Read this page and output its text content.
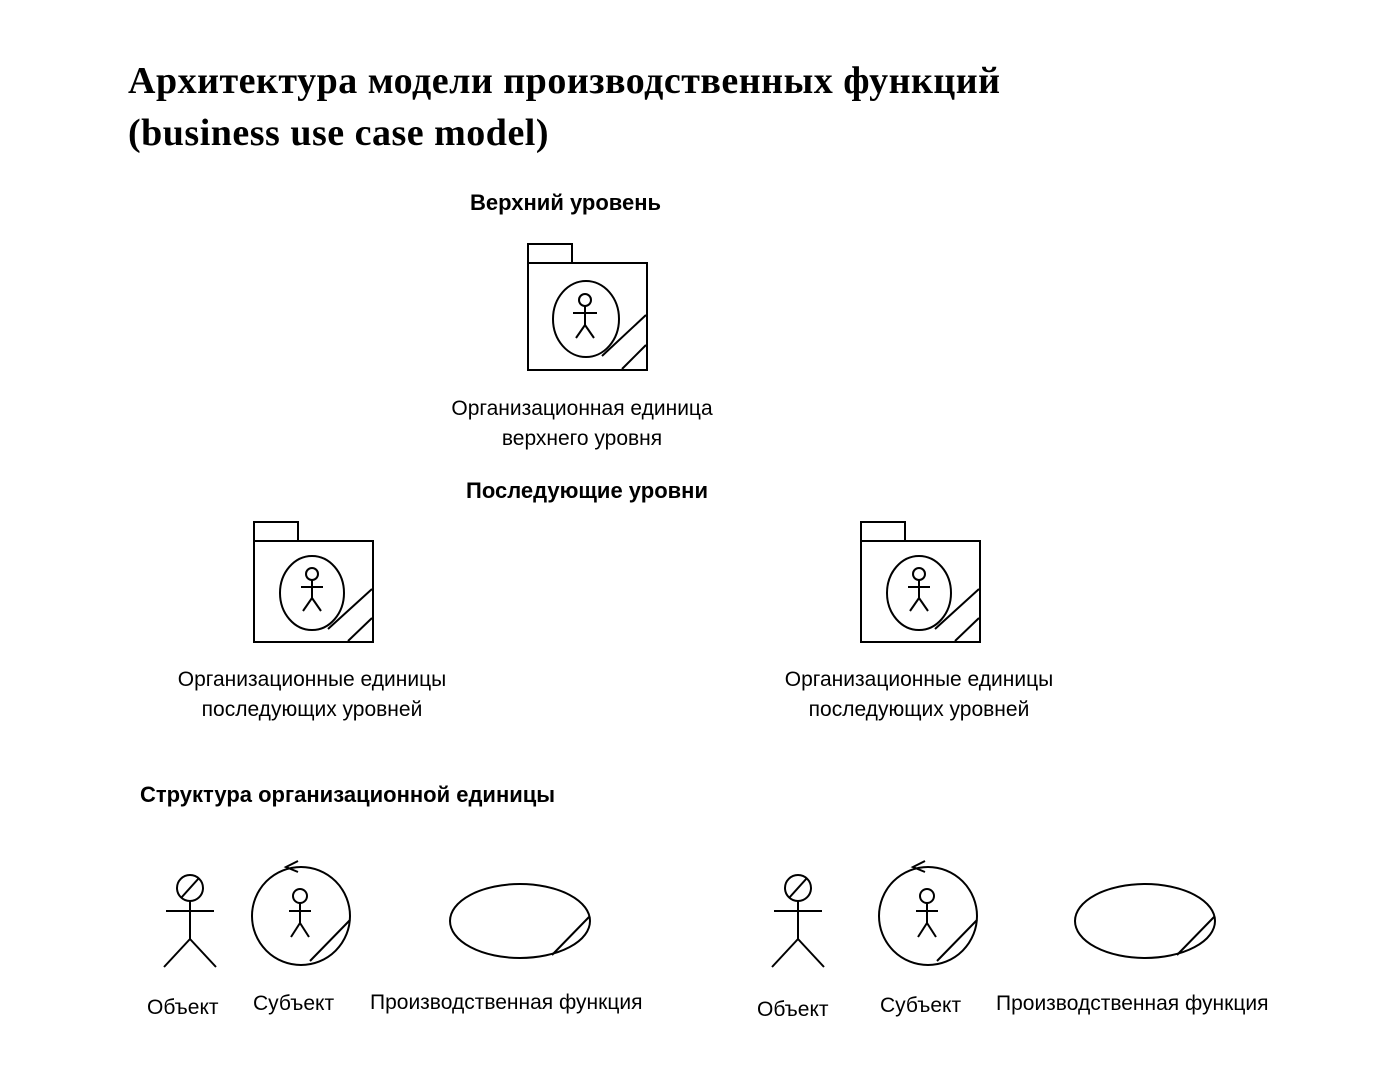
Архитектура модели производственных функций
(business use case model)
Верхний уровень
Организационная единица
верхнего уровня
Последующие уровни
Организационные единицы
последующих уровней
Организационные единицы
последующих уровней
Структура организационной единицы
Объект Субъект Производственная функция	Объект Субъект Производственная функция
